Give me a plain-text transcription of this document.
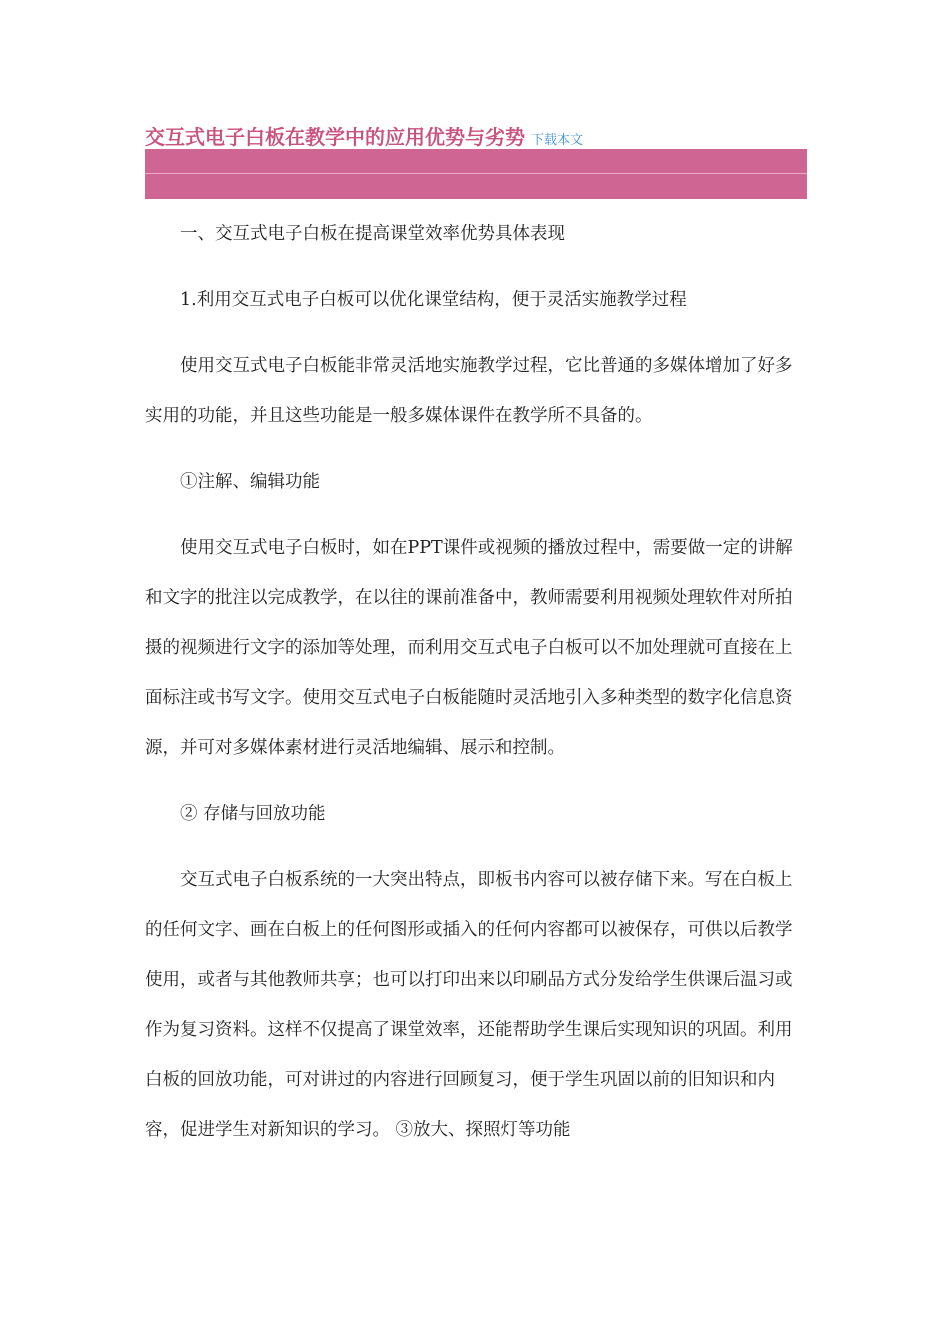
交互式电子白板在教学中的应用优势与劣势 下载本文

一、交互式电子白板在提高课堂效率优势具体表现

1.利用交互式电子白板可以优化课堂结构，便于灵活实施教学过程

使用交互式电子白板能非常灵活地实施教学过程，它比普通的多媒体增加了好多实用的功能，并且这些功能是一般多媒体课件在教学所不具备的。

①注解、编辑功能

使用交互式电子白板时，如在PPT课件或视频的播放过程中，需要做一定的讲解和文字的批注以完成教学，在以往的课前准备中，教师需要利用视频处理软件对所拍摄的视频进行文字的添加等处理，而利用交互式电子白板可以不加处理就可直接在上面标注或书写文字。使用交互式电子白板能随时灵活地引入多种类型的数字化信息资源，并可对多媒体素材进行灵活地编辑、展示和控制。

② 存储与回放功能

交互式电子白板系统的一大突出特点，即板书内容可以被存储下来。写在白板上的任何文字、画在白板上的任何图形或插入的任何内容都可以被保存，可供以后教学使用，或者与其他教师共享；也可以打印出来以印刷品方式分发给学生供课后温习或作为复习资料。这样不仅提高了课堂效率，还能帮助学生课后实现知识的巩固。利用白板的回放功能，可对讲过的内容进行回顾复习，便于学生巩固以前的旧知识和内容，促进学生对新知识的学习。 ③放大、探照灯等功能
